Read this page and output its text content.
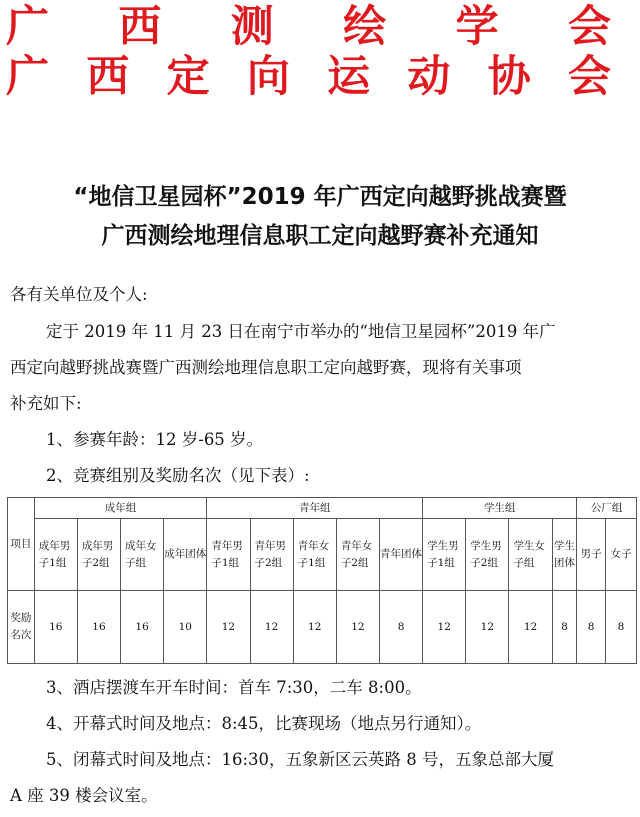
广 西 测 绘 学 会
广 西 定 向 运 动 协 会
“地信卫星园杯”2019 年广西定向越野挑战赛暨
广西测绘地理信息职工定向越野赛补充通知
各有关单位及个人:
定于 2019 年 11 月 23 日在南宁市举办的“地信卫星园杯”2019 年广
西定向越野挑战赛暨广西测绘地理信息职工定向越野赛，现将有关事项
补充如下:
1、参赛年龄：12 岁-65 岁。
2、竞赛组别及奖励名次（见下表）:
项目	成年组				青年组					学生组				公厂组	
	成年男子1组	成年男子2组	成年女子组	成年团体	青年男子1组	青年男子2组	青年女子1组	青年女子2组	青年团体	学生男子1组	学生男子2组	学生女子组	学生团体	男子	女子
奖励名次	16	16	16	10	12	12	12	12	8	12	12	12	8	8	8
3、酒店摆渡车开车时间：首车 7:30，二车 8:00。
4、开幕式时间及地点：8:45，比赛现场（地点另行通知）。
5、闭幕式时间及地点：16:30，五象新区云英路 8 号，五象总部大厦
A 座 39 楼会议室。
